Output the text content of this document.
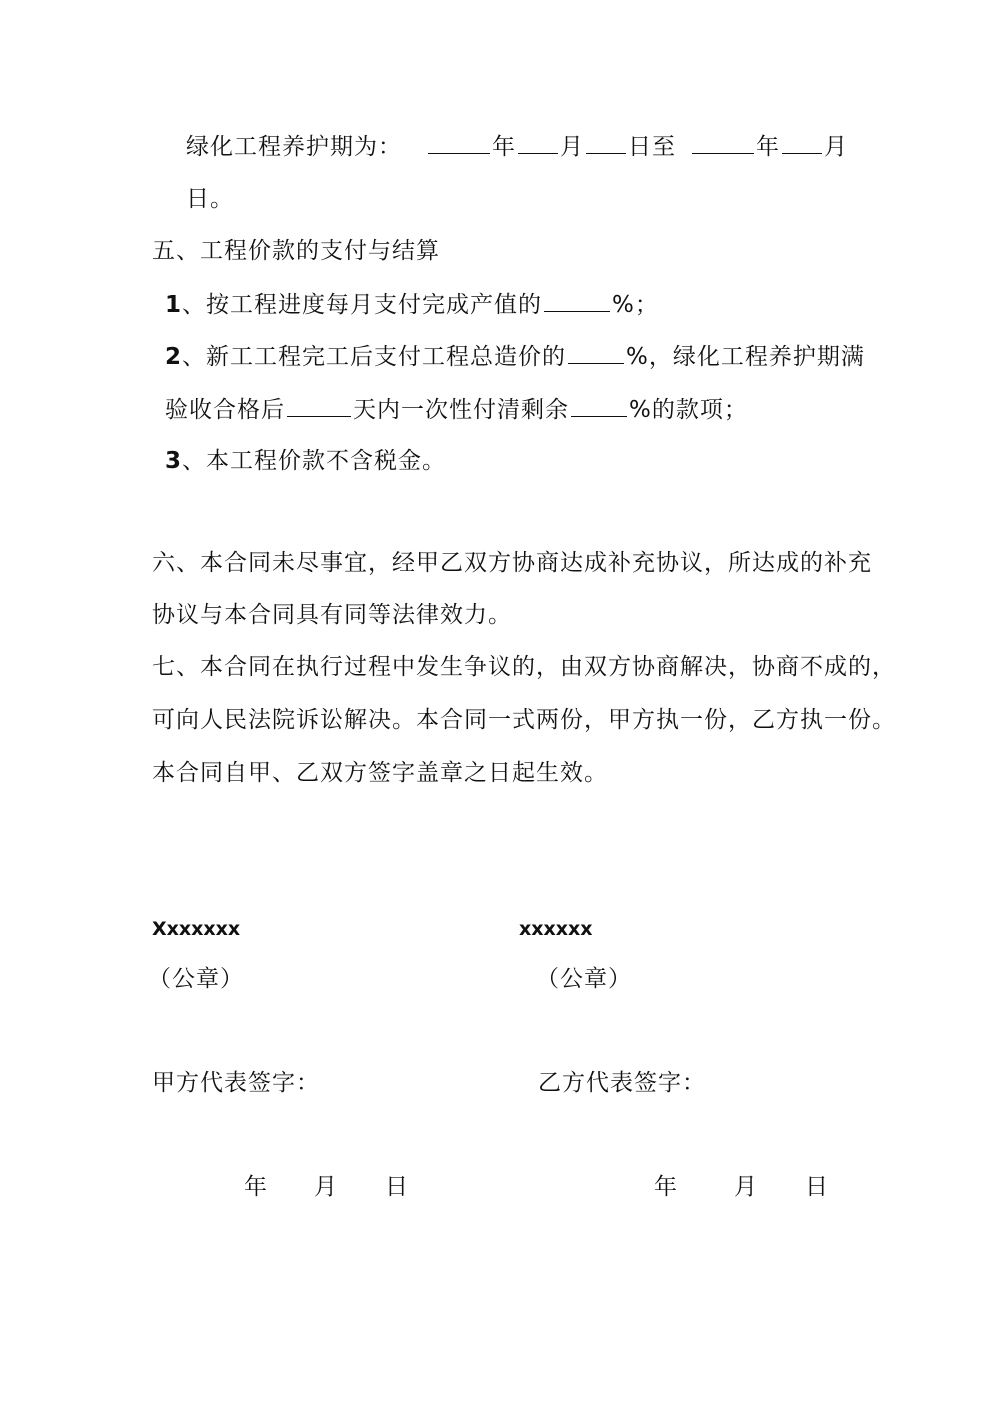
绿化工程养护期为：	年 月 日至	年 月
日。
五、工程价款的支付与结算
1、按工程进度每月支付完成产值的	%；
2、新工工程完工后支付工程总造价的	%，绿化工程养护期满
验收合格后	天内一次性付清剩余	%的款项；
3、本工程价款不含税金。
六、本合同未尽事宜，经甲乙双方协商达成补充协议，所达成的补充
协议与本合同具有同等法律效力。
七、本合同在执行过程中发生争议的，由双方协商解决，协商不成的，
可向人民法院诉讼解决。本合同一式两份，甲方执一份，乙方执一份。
本合同自甲、乙双方签字盖章之日起生效。
Xxxxxxx
（公章）
甲方代表签字：
年 月 日
xxxxxx
（公章）
乙方代表签字：
年 月 日
